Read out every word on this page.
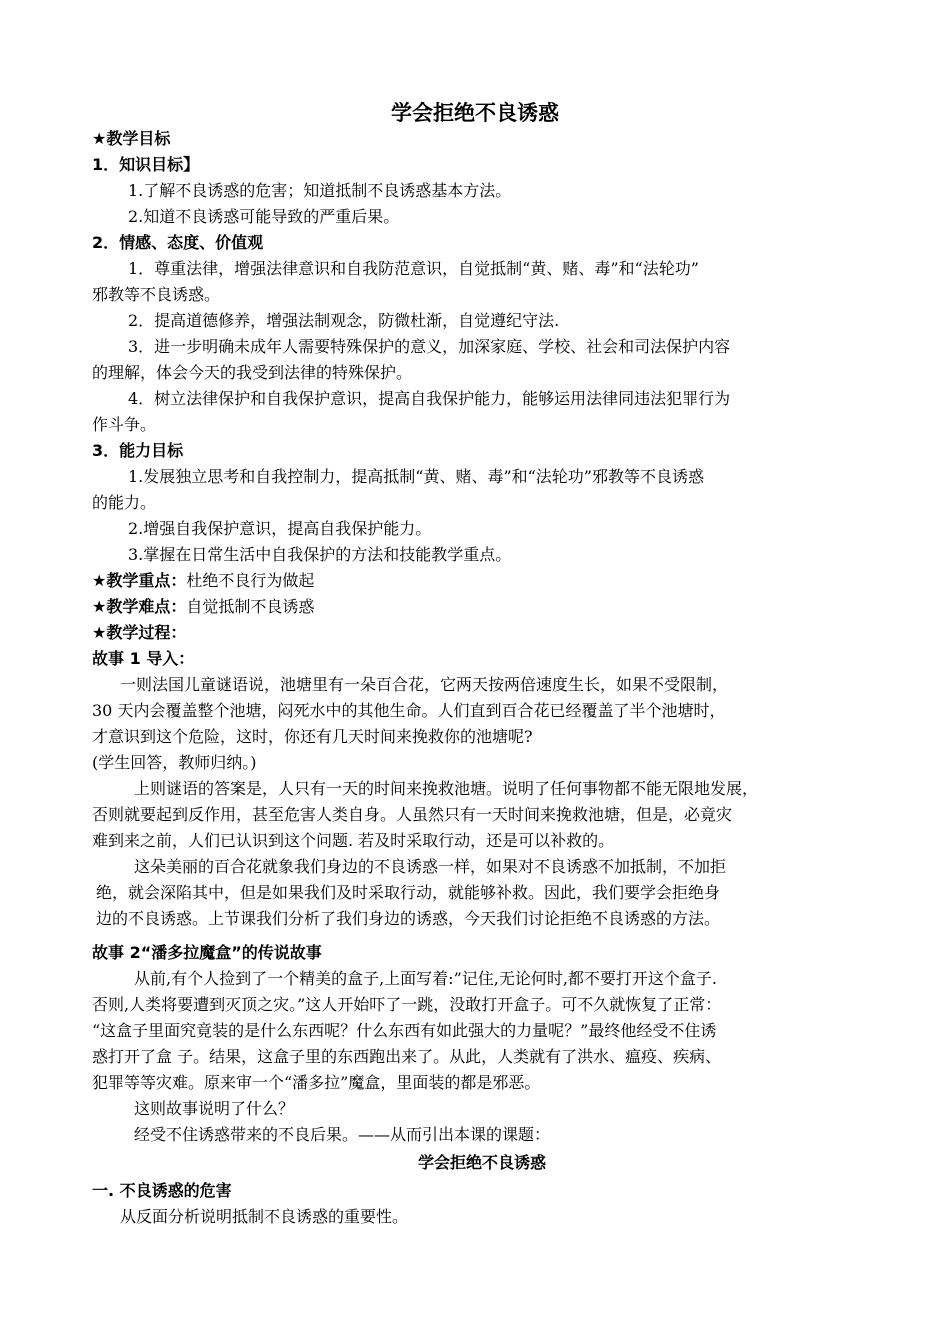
学会拒绝不良诱惑
★教学目标
1．知识目标】
1.了解不良诱惑的危害；知道抵制不良诱惑基本方法。
2.知道不良诱惑可能导致的严重后果。
2．情感、态度、价值观
1．尊重法律，增强法律意识和自我防范意识，自觉抵制“黄、赌、毒”和“法轮功”
邪教等不良诱惑。
2．提高道德修养，增强法制观念，防微杜渐，自觉遵纪守法.
3．进一步明确未成年人需要特殊保护的意义，加深家庭、学校、社会和司法保护内容
的理解，体会今天的我受到法律的特殊保护。
4．树立法律保护和自我保护意识，提高自我保护能力，能够运用法律同违法犯罪行为
作斗争。
3．能力目标
1.发展独立思考和自我控制力，提高抵制“黄、赌、毒”和“法轮功”邪教等不良诱惑
的能力。
2.增强自我保护意识，提高自我保护能力。
3.掌握在日常生活中自我保护的方法和技能教学重点。
★教学重点：杜绝不良行为做起
★教学难点：自觉抵制不良诱惑
★教学过程：
故事 1 导入：
一则法国儿童谜语说，池塘里有一朵百合花，它两天按两倍速度生长，如果不受限制，
30 天内会覆盖整个池塘，闷死水中的其他生命。人们直到百合花已经覆盖了半个池塘时，
才意识到这个危险，这时，你还有几天时间来挽救你的池塘呢?
(学生回答，教师归纳。)
上则谜语的答案是，人只有一天的时间来挽救池塘。说明了任何事物都不能无限地发展，
否则就要起到反作用，甚至危害人类自身。人虽然只有一天时间来挽救池塘，但是，必竟灾
难到来之前，人们已认识到这个问题. 若及时采取行动，还是可以补救的。
这朵美丽的百合花就象我们身边的不良诱惑一样，如果对不良诱惑不加抵制，不加拒
绝，就会深陷其中，但是如果我们及时采取行动，就能够补救。因此，我们要学会拒绝身
边的不良诱惑。上节课我们分析了我们身边的诱惑，今天我们讨论拒绝不良诱惑的方法。
故事 2“潘多拉魔盒”的传说故事
从前,有个人捡到了一个精美的盒子,上面写着:”记住,无论何时,都不要打开这个盒子.
否则,人类将要遭到灭顶之灾。”这人开始吓了一跳，没敢打开盒子。可不久就恢复了正常：
“这盒子里面究竟装的是什么东西呢？什么东西有如此强大的力量呢？”最终他经受不住诱
惑打开了盒 子。结果，这盒子里的东西跑出来了。从此，人类就有了洪水、瘟疫、疾病、
犯罪等等灾难。原来审一个“潘多拉”魔盒，里面装的都是邪恶。
这则故事说明了什么？
经受不住诱惑带来的不良后果。——从而引出本课的课题：
学会拒绝不良诱惑
一. 不良诱惑的危害
从反面分析说明抵制不良诱惑的重要性。
